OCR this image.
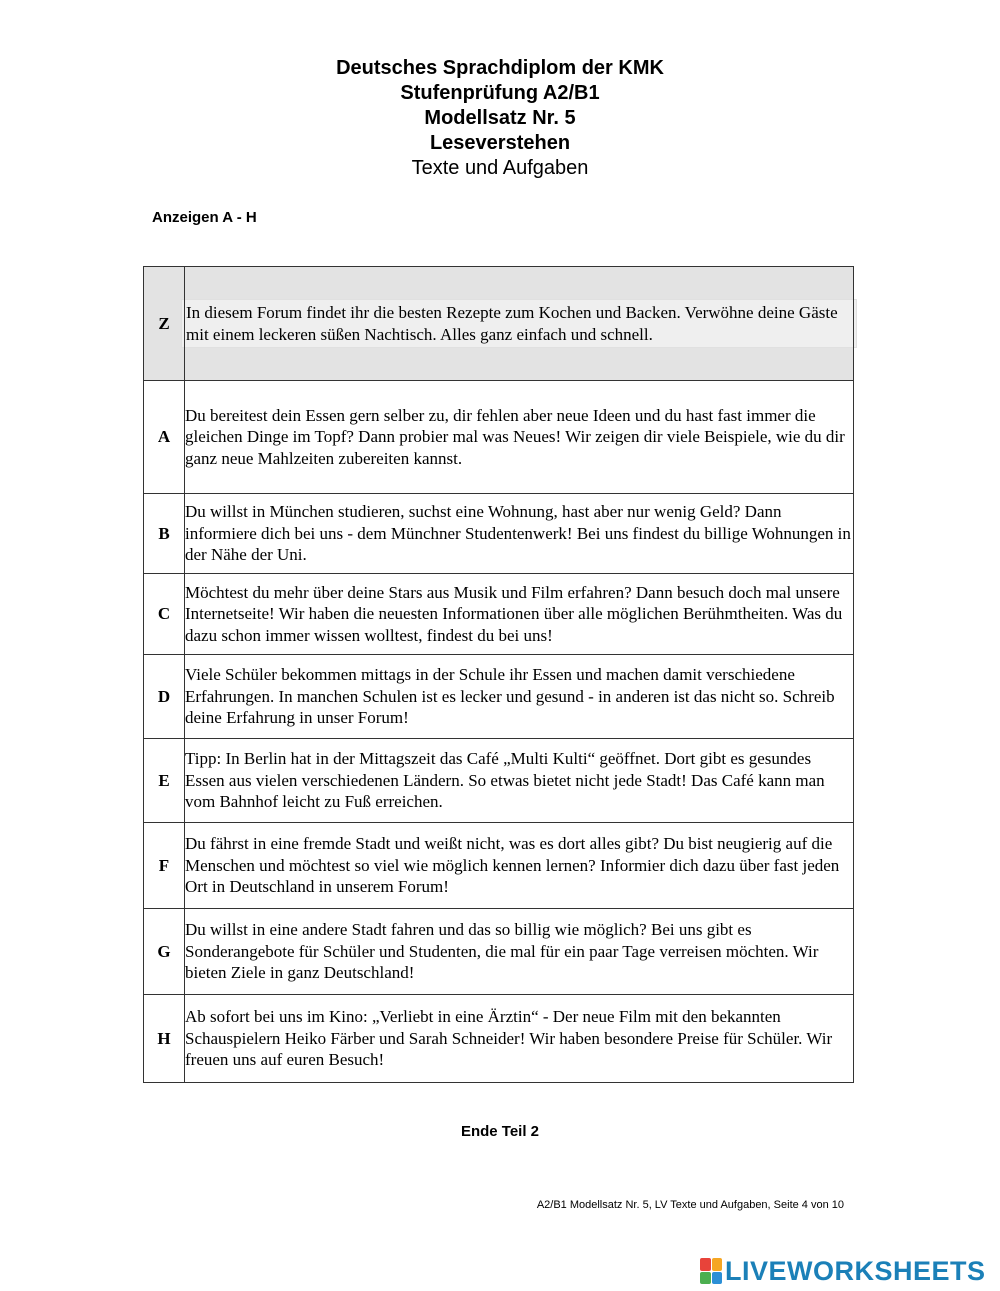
Deutsches Sprachdiplom der KMK
Stufenprüfung A2/B1
Modellsatz Nr. 5
Leseverstehen
Texte und Aufgaben
Anzeigen A - H
Z	In diesem Forum findet ihr die besten Rezepte zum Kochen und Backen. Verwöhne deine Gäste mit einem leckeren süßen Nachtisch. Alles ganz einfach und schnell.

A	Du bereitest dein Essen gern selber zu, dir fehlen aber neue Ideen und du hast fast immer die gleichen Dinge im Topf? Dann probier mal was Neues! Wir zeigen dir viele Beispiele, wie du dir ganz neue Mahlzeiten zubereiten kannst.
B	Du willst in München studieren, suchst eine Wohnung, hast aber nur wenig Geld? Dann informiere dich bei uns - dem Münchner Studentenwerk! Bei uns findest du billige Wohnungen in der Nähe der Uni.
C	Möchtest du mehr über deine Stars aus Musik und Film erfahren? Dann besuch doch mal unsere Internetseite! Wir haben die neuesten Informationen über alle möglichen Berühmtheiten. Was du dazu schon immer wissen wolltest, findest du bei uns!
D	Viele Schüler bekommen mittags in der Schule ihr Essen und machen damit verschiedene Erfahrungen. In manchen Schulen ist es lecker und gesund - in anderen ist das nicht so. Schreib deine Erfahrung in unser Forum!
E	Tipp: In Berlin hat in der Mittagszeit das Café „Multi Kulti“ geöffnet. Dort gibt es gesundes Essen aus vielen verschiedenen Ländern. So etwas bietet nicht jede Stadt! Das Café kann man vom Bahnhof leicht zu Fuß erreichen.
F	Du fährst in eine fremde Stadt und weißt nicht, was es dort alles gibt? Du bist neugierig auf die Menschen und möchtest so viel wie möglich kennen lernen? Informier dich dazu über fast jeden Ort in Deutschland in unserem Forum!
G	Du willst in eine andere Stadt fahren und das so billig wie möglich? Bei uns gibt es Sonderangebote für Schüler und Studenten, die mal für ein paar Tage verreisen möchten. Wir bieten Ziele in ganz Deutschland!
H	Ab sofort bei uns im Kino: „Verliebt in eine Ärztin“ - Der neue Film mit den bekannten Schauspielern Heiko Färber und Sarah Schneider! Wir haben besondere Preise für Schüler. Wir freuen uns auf euren Besuch!
Ende Teil 2
A2/B1 Modellsatz Nr. 5, LV Texte und Aufgaben, Seite 4 von 10
LIVEWORKSHEETS
